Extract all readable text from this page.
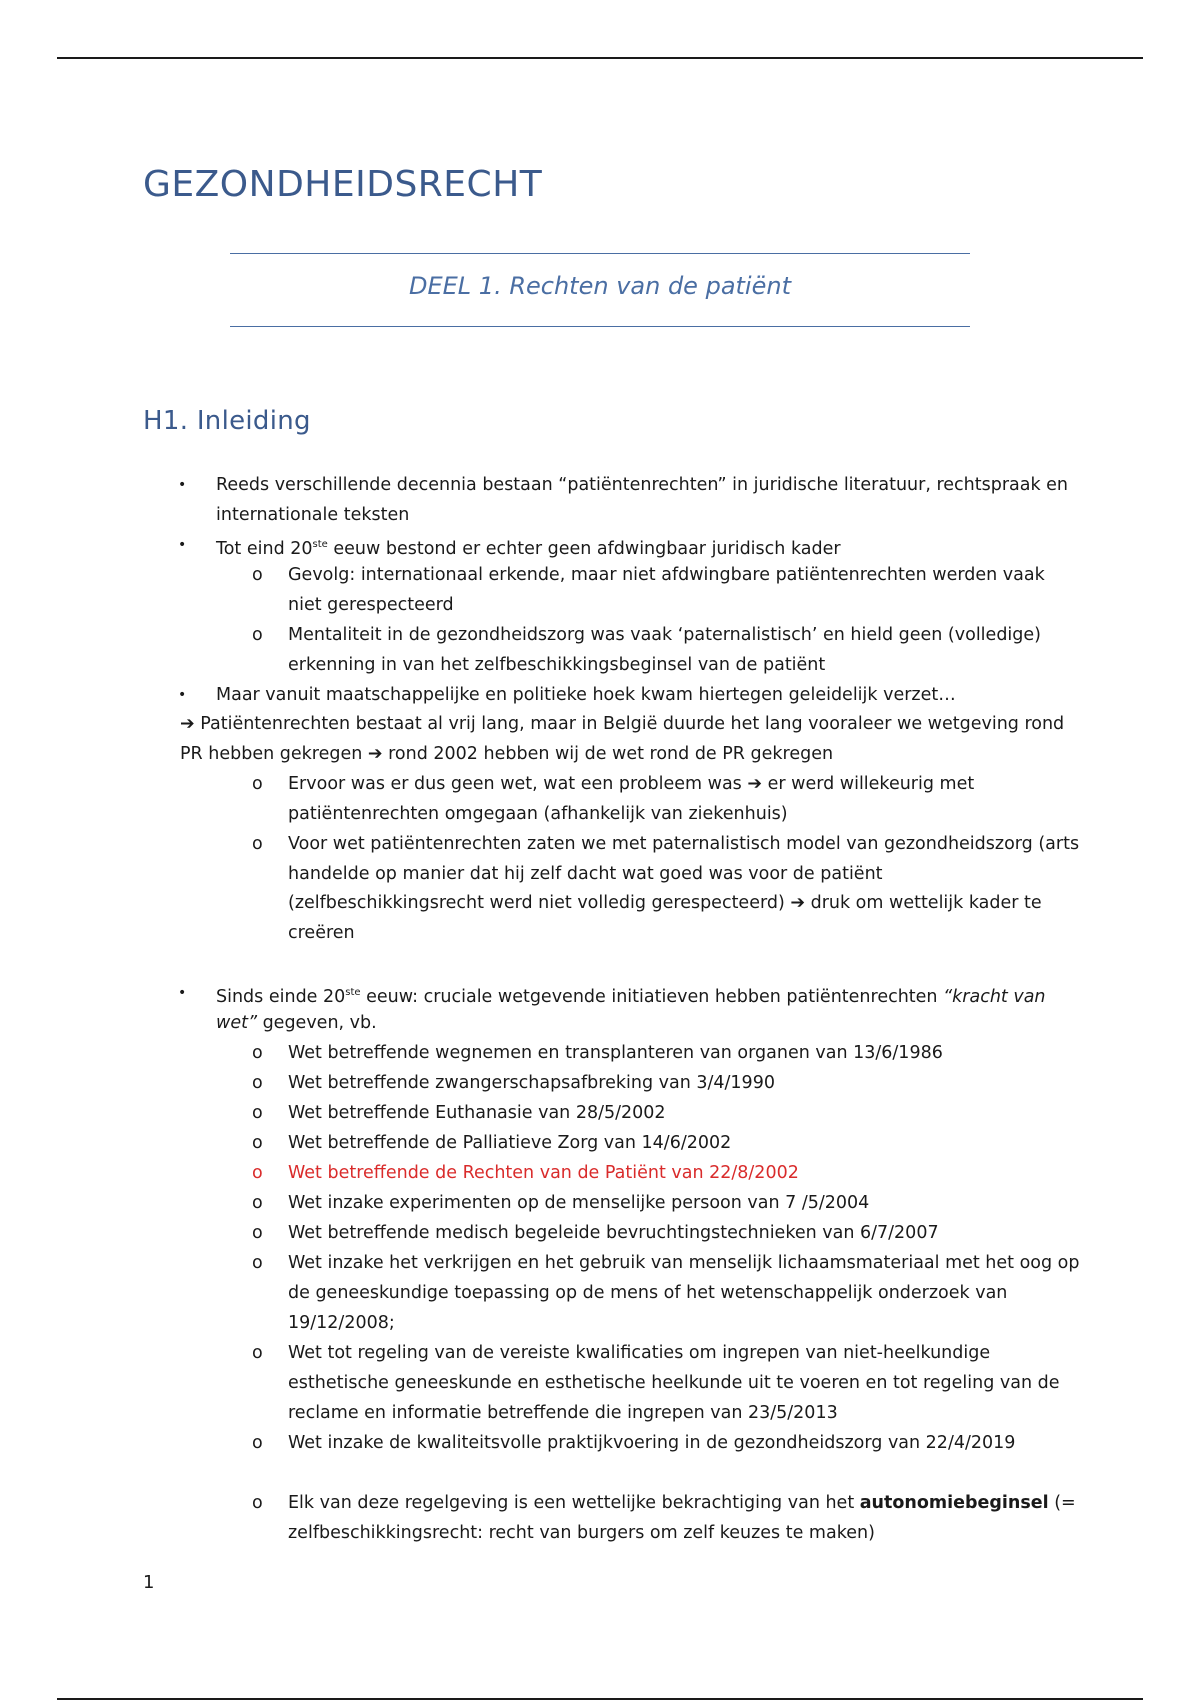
GEZONDHEIDSRECHT
DEEL 1. Rechten van de patiënt
H1. Inleiding
• Reeds verschillende decennia bestaan “patiëntenrechten” in juridische literatuur, rechtspraak en
internationale teksten
• Tot eind 20ste eeuw bestond er echter geen afdwingbaar juridisch kader
o Gevolg: internationaal erkende, maar niet afdwingbare patiëntenrechten werden vaak
niet gerespecteerd
o Mentaliteit in de gezondheidszorg was vaak ‘paternalistisch’ en hield geen (volledige)
erkenning in van het zelfbeschikkingsbeginsel van de patiënt
• Maar vanuit maatschappelijke en politieke hoek kwam hiertegen geleidelijk verzet…
➔ Patiëntenrechten bestaat al vrij lang, maar in België duurde het lang vooraleer we wetgeving rond
PR hebben gekregen ➔ rond 2002 hebben wij de wet rond de PR gekregen
o Ervoor was er dus geen wet, wat een probleem was ➔ er werd willekeurig met
patiëntenrechten omgegaan (afhankelijk van ziekenhuis)
o Voor wet patiëntenrechten zaten we met paternalistisch model van gezondheidszorg (arts
handelde op manier dat hij zelf dacht wat goed was voor de patiënt
(zelfbeschikkingsrecht werd niet volledig gerespecteerd) ➔ druk om wettelijk kader te
creëren
• Sinds einde 20ste eeuw: cruciale wetgevende initiatieven hebben patiëntenrechten “kracht van
wet” gegeven, vb.
o Wet betreffende wegnemen en transplanteren van organen van 13/6/1986
o Wet betreffende zwangerschapsafbreking van 3/4/1990
o Wet betreffende Euthanasie van 28/5/2002
o Wet betreffende de Palliatieve Zorg van 14/6/2002
o Wet betreffende de Rechten van de Patiënt van 22/8/2002
o Wet inzake experimenten op de menselijke persoon van 7 /5/2004
o Wet betreffende medisch begeleide bevruchtingstechnieken van 6/7/2007
o Wet inzake het verkrijgen en het gebruik van menselijk lichaamsmateriaal met het oog op
de geneeskundige toepassing op de mens of het wetenschappelijk onderzoek van
19/12/2008;
o Wet tot regeling van de vereiste kwalificaties om ingrepen van niet-heelkundige
esthetische geneeskunde en esthetische heelkunde uit te voeren en tot regeling van de
reclame en informatie betreffende die ingrepen van 23/5/2013
o Wet inzake de kwaliteitsvolle praktijkvoering in de gezondheidszorg van 22/4/2019
o Elk van deze regelgeving is een wettelijke bekrachtiging van het autonomiebeginsel (=
zelfbeschikkingsrecht: recht van burgers om zelf keuzes te maken)
1
